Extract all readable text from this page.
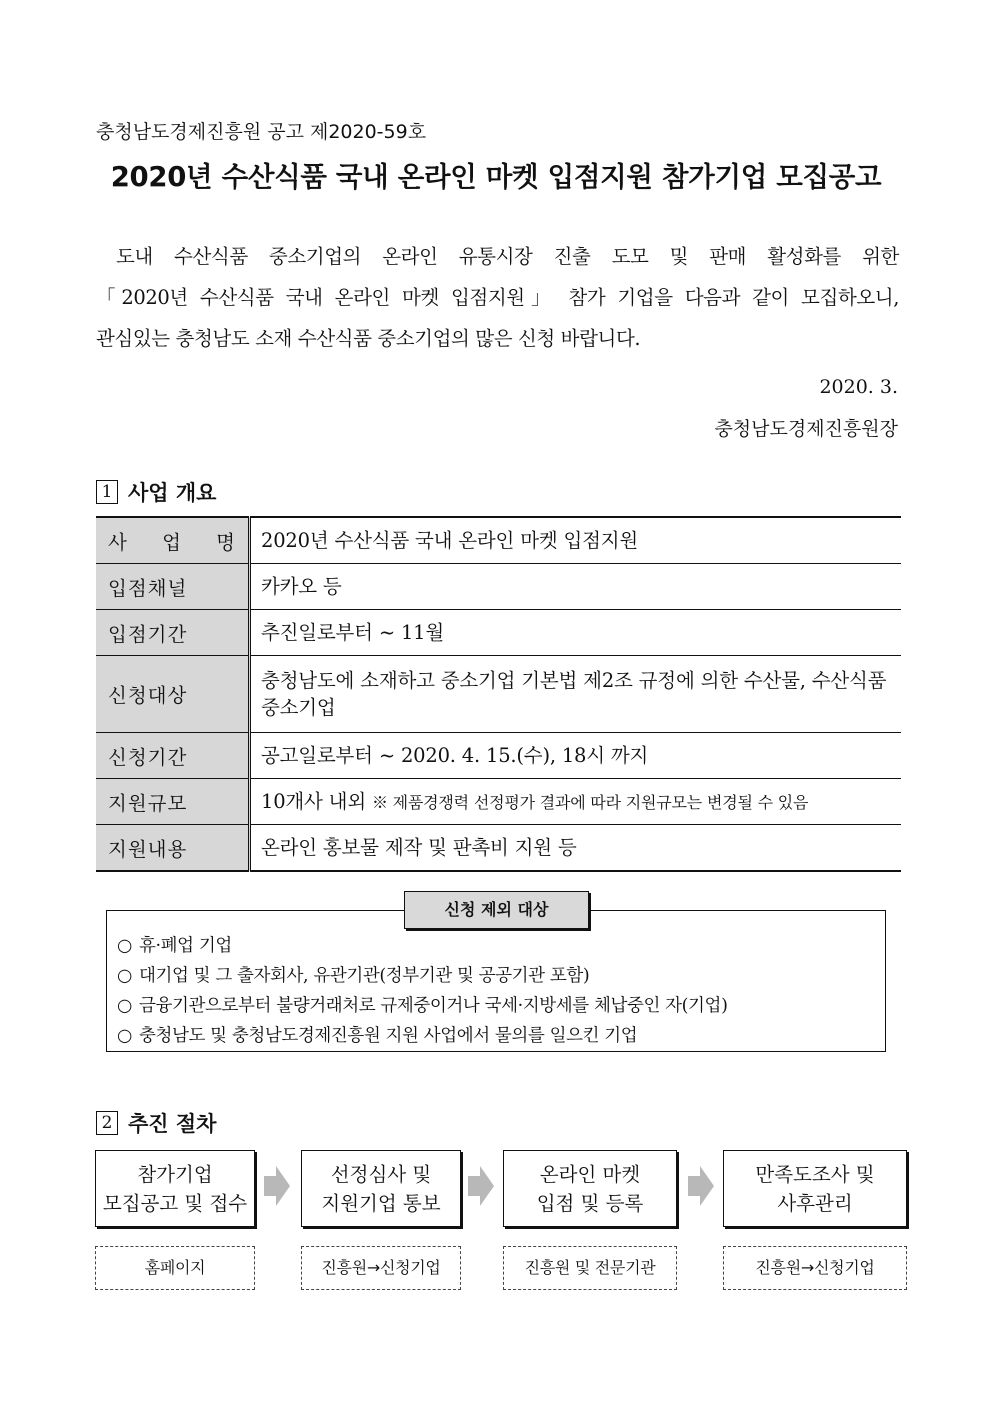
충청남도경제진흥원 공고 제2020-59호
2020년 수산식품 국내 온라인 마켓 입점지원 참가기업 모집공고
도내 수산식품 중소기업의 온라인 유통시장 진출 도모 및 판매 활성화를 위한
「2020년 수산식품 국내 온라인 마켓 입점지원」 참가 기업을 다음과 같이 모집하오니,
관심있는 충청남도 소재 수산식품 중소기업의 많은 신청 바랍니다.
2020. 3.
충청남도경제진흥원장
1 사업 개요
사 업 명	2020년 수산식품 국내 온라인 마켓 입점지원
입점채널	카카오 등
입점기간	추진일로부터 ~ 11월
신청대상	충청남도에 소재하고 중소기업 기본법 제2조 규정에 의한 수산물, 수산식품 중소기업
신청기간	공고일로부터 ~ 2020. 4. 15.(수), 18시 까지
지원규모	10개사 내외 ※ 제품경쟁력 선정평가 결과에 따라 지원규모는 변경될 수 있음
지원내용	온라인 홍보물 제작 및 판촉비 지원 등
○ 휴·폐업 기업
○ 대기업 및 그 출자회사, 유관기관(정부기관 및 공공기관 포함)
○ 금융기관으로부터 불량거래처로 규제중이거나 국세·지방세를 체납중인 자(기업)
○ 충청남도 및 충청남도경제진흥원 지원 사업에서 물의를 일으킨 기업
신청 제외 대상
2 추진 절차
참가기업
모집공고 및 접수
선정심사 및
지원기업 통보
온라인 마켓
입점 및 등록
만족도조사 및
사후관리
홈페이지	진흥원→신청기업	진흥원 및 전문기관	진흥원→신청기업
